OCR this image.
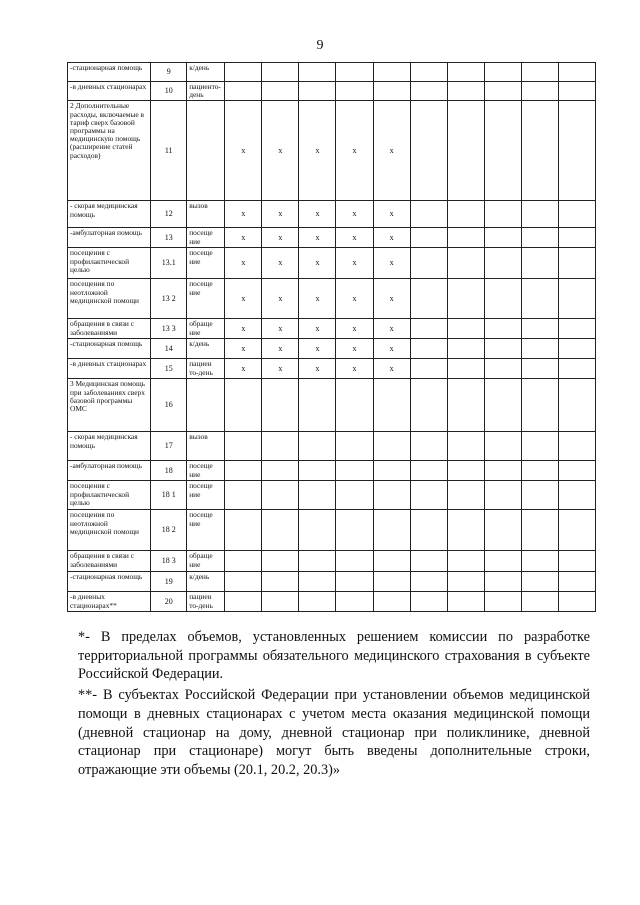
9
-стационарная помощь	9	к/день										
-в дневных стационарах	10	пациенто-день										
2 Дополнительные расходы, включаемые в тариф сверх базовой программы на медицинскую помощь (расширение статей расходов)	11		х	х	х	х	х					
- скорая медицинская помощь	12	вызов	х	х	х	х	х					
-амбулаторная помощь	13	посеще ние	х	х	х	х	х					
посещения с профилактической целью	13.1	посеще ние	х	х	х	х	х					
посещения по неотложной медицинской помощи	13 2	посеще ние	х	х	х	х	х					
обращения в связи с заболеваниями	13 3	обраще ние	х	х	х	х	х					
-стационарная помощь	14	к/день	х	х	х	х	х					
-в дневных стационарах	15	пациен то-день	х	х	х	х	х					
3 Медицинская помощь при заболеваниях сверх базовой программы ОМС	16											
- скорая медицинская помощь	17	вызов										
-амбулаторная помощь	18	посеще ние										
посещения с профилактической целью	18 1	посеще ние										
посещения по неотложной медицинской помощи	18 2	посеще ние										
обращения в связи с заболеваниями	18 3	обраще ние										
-стационарная помощь	19	к/день										
-в дневных стационарах**	20	пациен то-день										

*- В пределах объемов, установленных решением комиссии по разработке территориальной программы обязательного медицинского страхования в субъекте Российской Федерации.

**- В субъектах Российской Федерации при установлении объемов медицинской помощи в дневных стационарах с учетом места оказания медицинской помощи (дневной стационар на дому, дневной стационар при поликлинике, дневной стационар при стационаре) могут быть введены дополнительные строки, отражающие эти объемы (20.1, 20.2, 20.3)»
